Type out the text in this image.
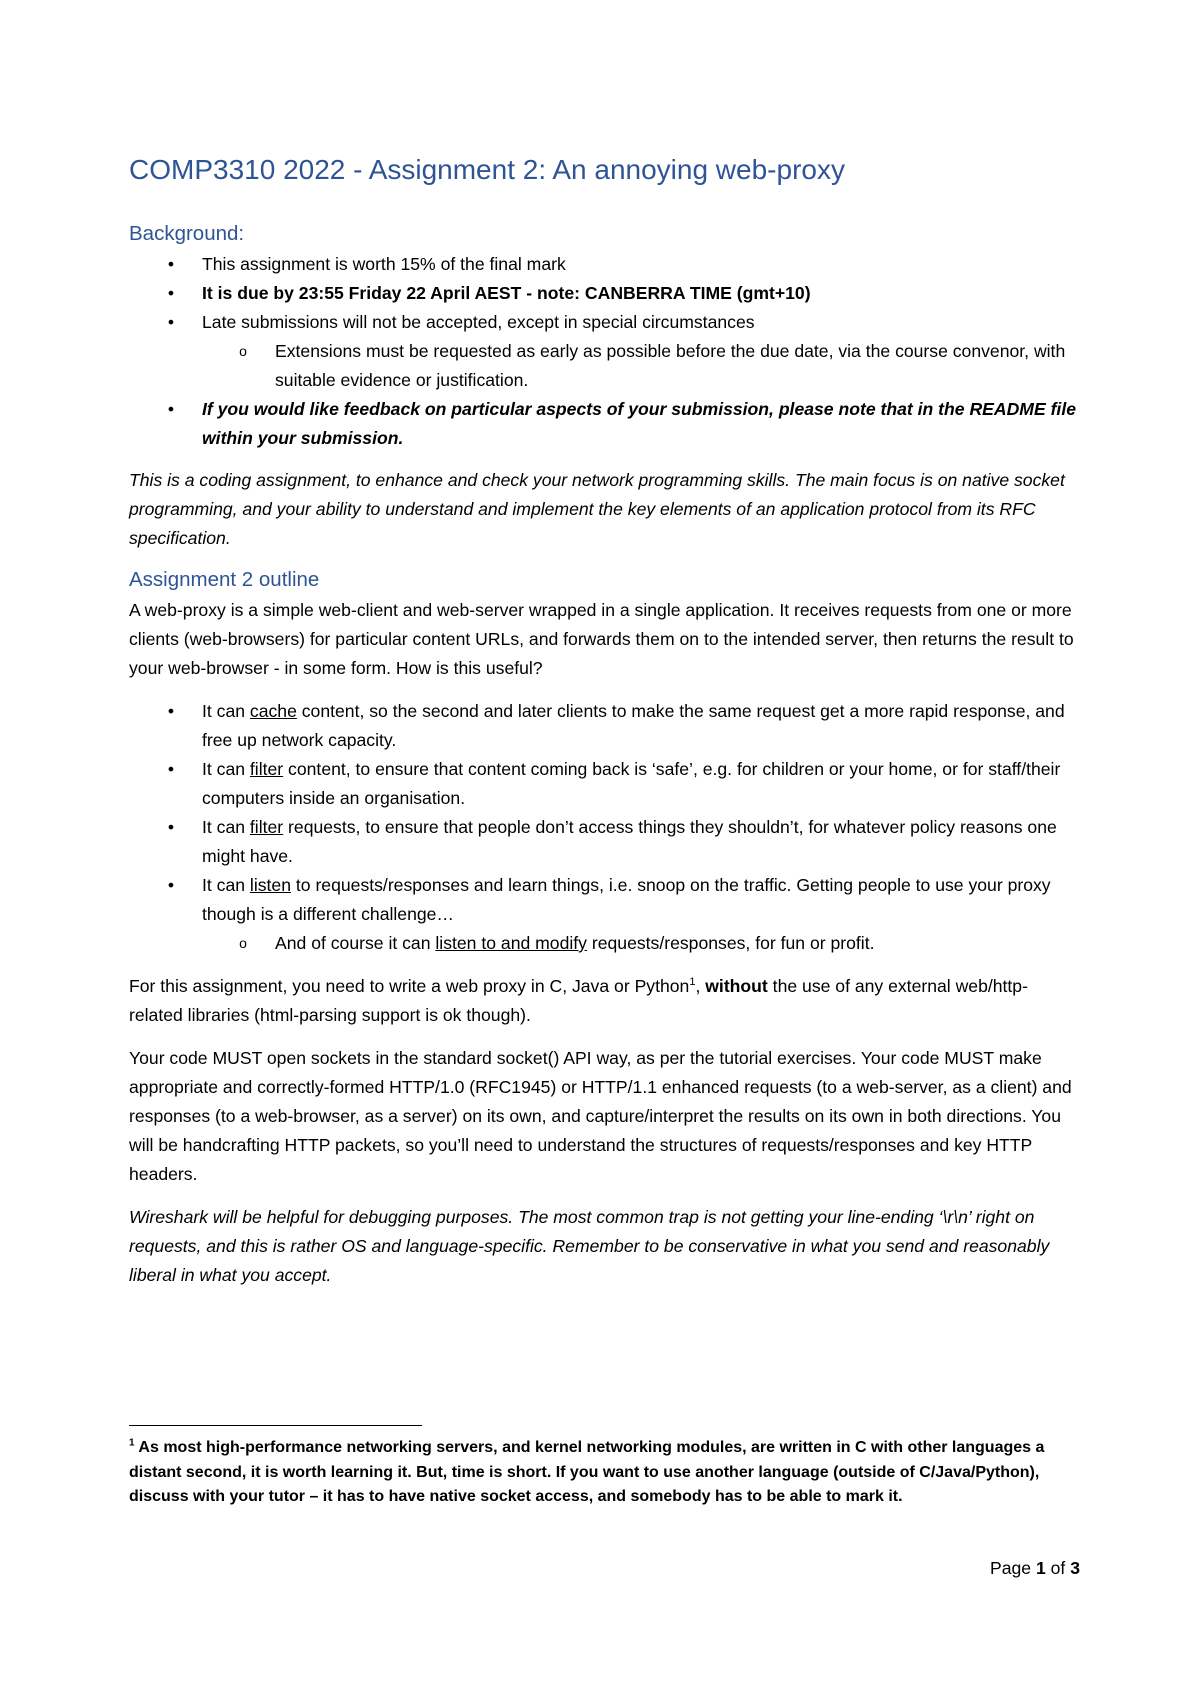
COMP3310 2022 - Assignment 2: An annoying web-proxy
Background:
•	This assignment is worth 15% of the final mark
•	It is due by 23:55 Friday 22 April AEST - note: CANBERRA TIME (gmt+10)
•	Late submissions will not be accepted, except in special circumstances
o	Extensions must be requested as early as possible before the due date, via the course convenor, with suitable evidence or justification.
•	If you would like feedback on particular aspects of your submission, please note that in the README file within your submission.

This is a coding assignment, to enhance and check your network programming skills. The main focus is on native socket programming, and your ability to understand and implement the key elements of an application protocol from its RFC specification.

Assignment 2 outline

A web-proxy is a simple web-client and web-server wrapped in a single application. It receives requests from one or more clients (web-browsers) for particular content URLs, and forwards them on to the intended server, then returns the result to your web-browser - in some form. How is this useful?

•	It can cache content, so the second and later clients to make the same request get a more rapid response, and free up network capacity.
•	It can filter content, to ensure that content coming back is ‘safe’, e.g. for children or your home, or for staff/their computers inside an organisation.
•	It can filter requests, to ensure that people don’t access things they shouldn’t, for whatever policy reasons one might have.
•	It can listen to requests/responses and learn things, i.e. snoop on the traffic. Getting people to use your proxy though is a different challenge…
o	And of course it can listen to and modify requests/responses, for fun or profit.

For this assignment, you need to write a web proxy in C, Java or Python$^1$, without the use of any external web/http-related libraries (html-parsing support is ok though).

Your code MUST open sockets in the standard socket() API way, as per the tutorial exercises. Your code MUST make appropriate and correctly-formed HTTP/1.0 (RFC1945) or HTTP/1.1 enhanced requests (to a web-server, as a client) and responses (to a web-browser, as a server) on its own, and capture/interpret the results on its own in both directions. You will be handcrafting HTTP packets, so you’ll need to understand the structures of requests/responses and key HTTP headers.

Wireshark will be helpful for debugging purposes. The most common trap is not getting your line-ending ‘\r\n’ right on requests, and this is rather OS and language-specific. Remember to be conservative in what you send and reasonably liberal in what you accept.

$^1$ As most high-performance networking servers, and kernel networking modules, are written in C with other languages a distant second, it is worth learning it. But, time is short. If you want to use another language (outside of C/Java/Python), discuss with your tutor – it has to have native socket access, and somebody has to be able to mark it.
Page 1 of 3
